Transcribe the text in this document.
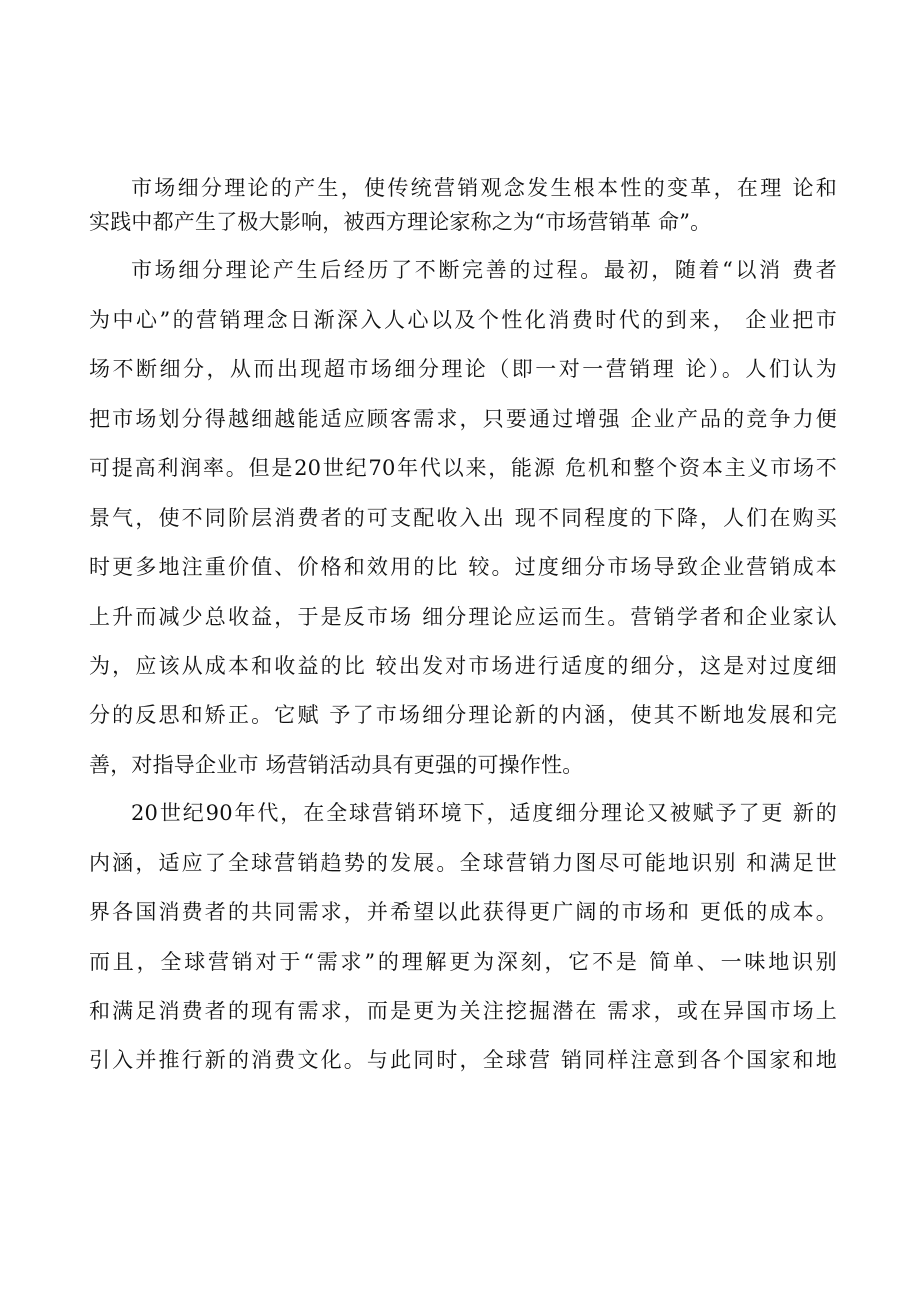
市场细分理论的产生，使传统营销观念发生根本性的变革，在理 论和
实践中都产生了极大影响，被西方理论家称之为“市场营销革 命”。
市场细分理论产生后经历了不断完善的过程。最初，随着“以消 费者
为中心”的营销理念日渐深入人心以及个性化消费时代的到来， 企业把市
场不断细分，从而出现超市场细分理论（即一对一营销理 论）。人们认为
把市场划分得越细越能适应顾客需求，只要通过增强 企业产品的竞争力便
可提高利润率。但是20世纪70年代以来，能源 危机和整个资本主义市场不
景气，使不同阶层消费者的可支配收入出 现不同程度的下降，人们在购买
时更多地注重价值、价格和效用的比 较。过度细分市场导致企业营销成本
上升而减少总收益，于是反市场 细分理论应运而生。营销学者和企业家认
为，应该从成本和收益的比 较出发对市场进行适度的细分，这是对过度细
分的反思和矫正。它赋 予了市场细分理论新的内涵，使其不断地发展和完
善，对指导企业市 场营销活动具有更强的可操作性。
20世纪90年代，在全球营销环境下，适度细分理论又被赋予了更 新的
内涵，适应了全球营销趋势的发展。全球营销力图尽可能地识别 和满足世
界各国消费者的共同需求，并希望以此获得更广阔的市场和 更低的成本。
而且，全球营销对于“需求”的理解更为深刻，它不是 简单、一味地识别
和满足消费者的现有需求，而是更为关注挖掘潜在 需求，或在异国市场上
引入并推行新的消费文化。与此同时，全球营 销同样注意到各个国家和地
